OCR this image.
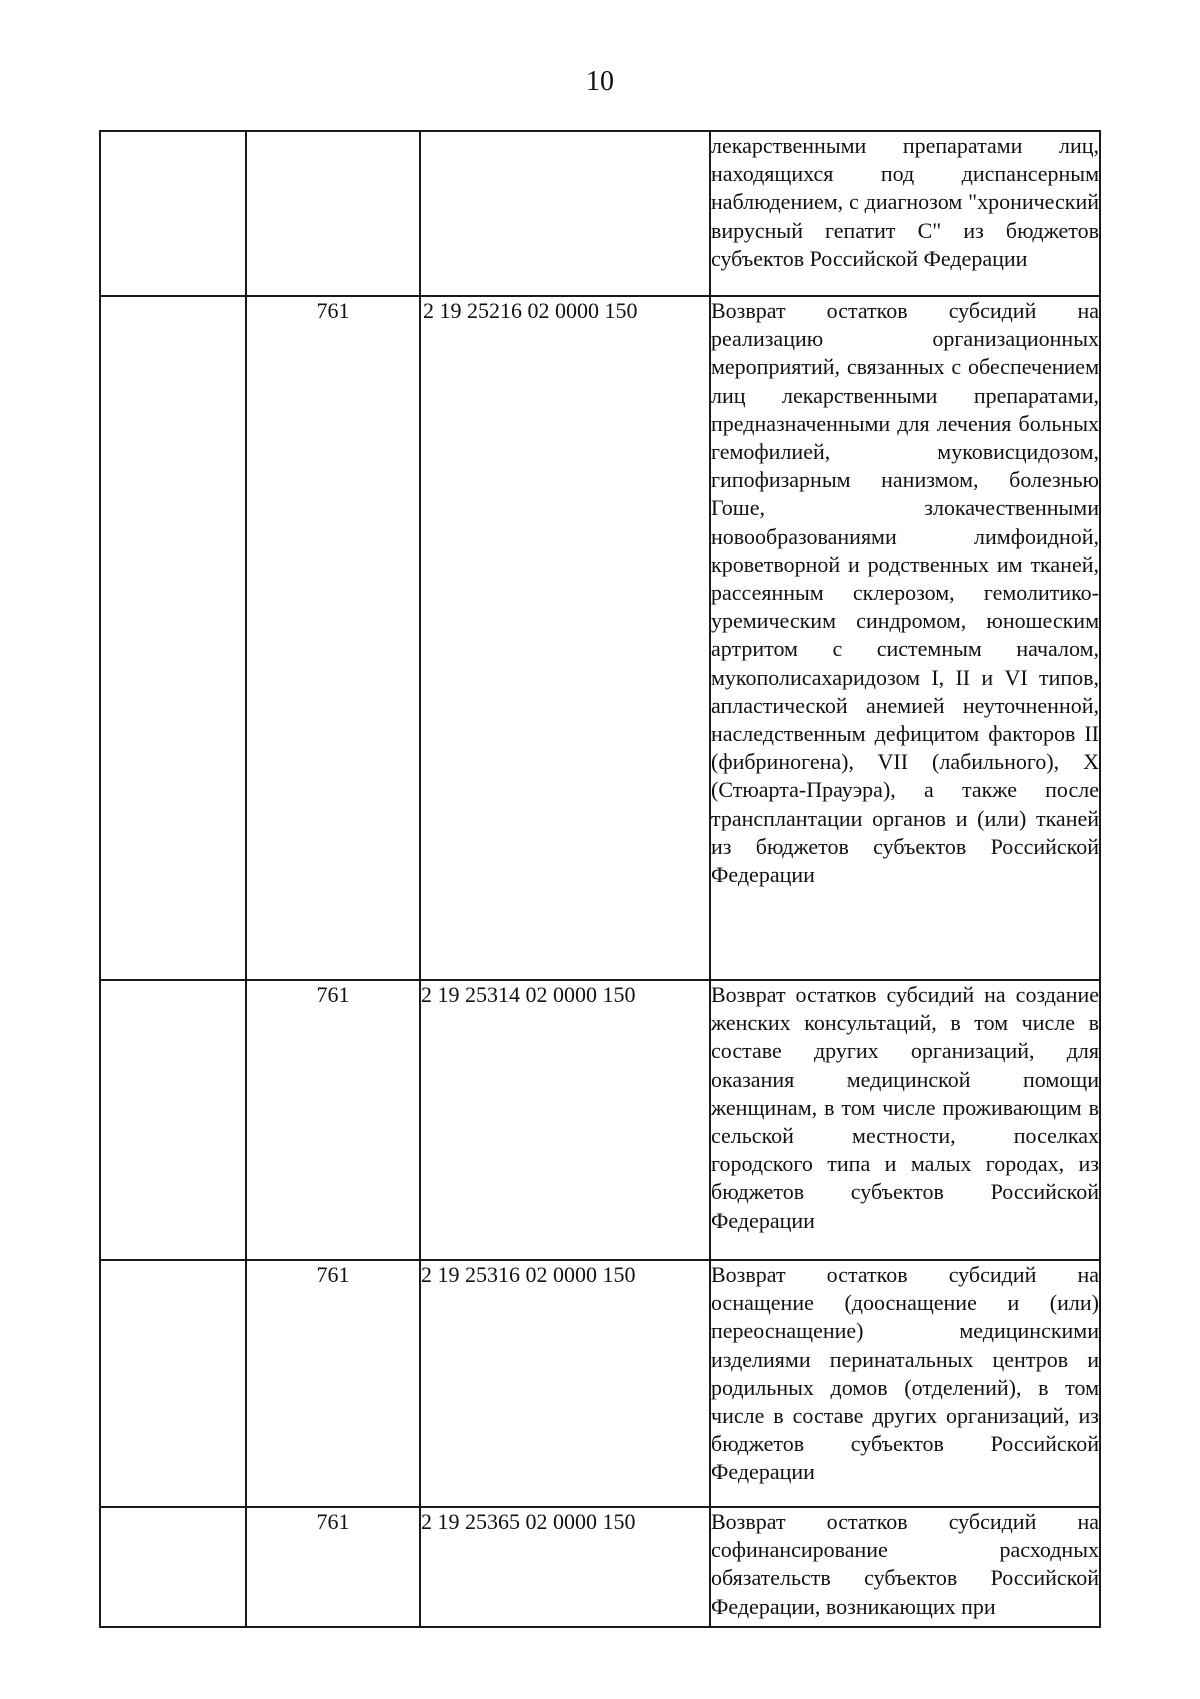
10
			лекарственными препаратами лиц, находящихся под диспансерным наблюдением, с диагнозом "хронический вирусный гепатит С" из бюджетов субъектов Российской Федерации
	761	2 19 25216 02 0000 150	Возврат остатков субсидий на реализацию организационных мероприятий, связанных с обеспечением лиц лекарственными препаратами, предназначенными для лечения больных гемофилией, муковисцидозом, гипофизарным нанизмом, болезнью Гоше, злокачественными новообразованиями лимфоидной, кроветворной и родственных им тканей, рассеянным склерозом, гемолитико-уремическим синдромом, юношеским артритом с системным началом, мукополисахаридозом I, II и VI типов, апластической анемией неуточненной, наследственным дефицитом факторов II (фибриногена), VII (лабильного), X (Стюарта-Прауэра), а также после трансплантации органов и (или) тканей из бюджетов субъектов Российской Федерации
	761	2 19 25314 02 0000 150	Возврат остатков субсидий на создание женских консультаций, в том числе в составе других организаций, для оказания медицинской помощи женщинам, в том числе проживающим в сельской местности, поселках городского типа и малых городах, из бюджетов субъектов Российской Федерации
	761	2 19 25316 02 0000 150	Возврат остатков субсидий на оснащение (дооснащение и (или) переоснащение) медицинскими изделиями перинатальных центров и родильных домов (отделений), в том числе в составе других организаций, из бюджетов субъектов Российской Федерации
	761	2 19 25365 02 0000 150	Возврат остатков субсидий на софинансирование расходных обязательств субъектов Российской Федерации, возникающих при
